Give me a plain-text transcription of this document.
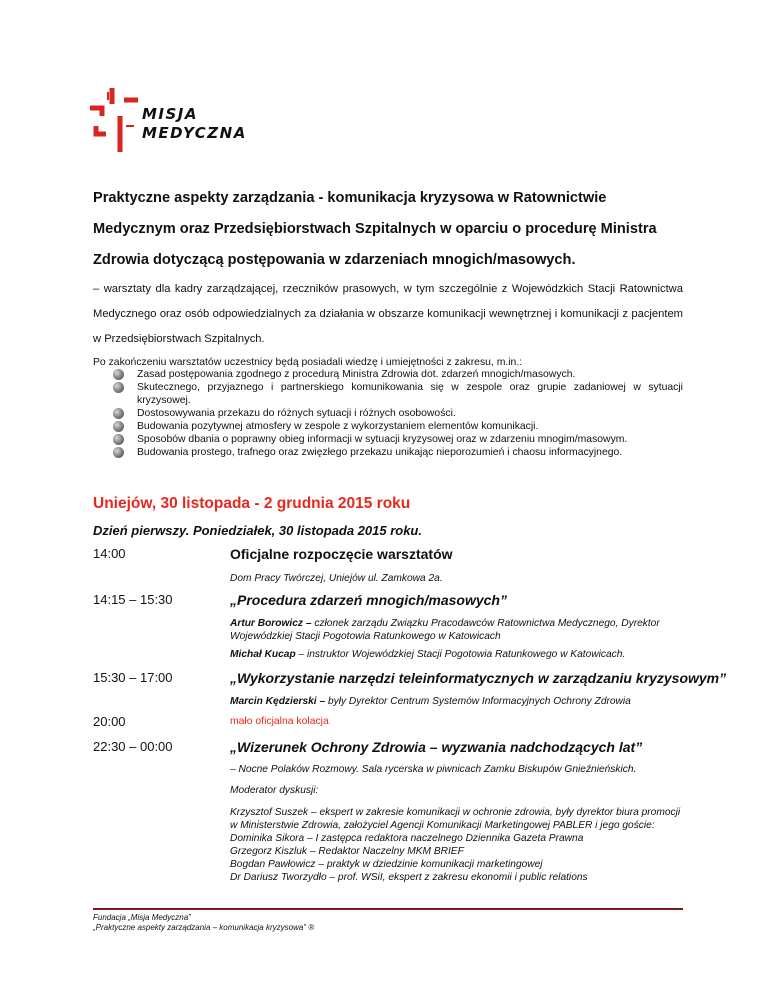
MISJA
MEDYCZNA
Praktyczne aspekty zarządzania - komunikacja kryzysowa w Ratownictwie
Medycznym oraz Przedsiębiorstwach Szpitalnych w oparciu o procedurę Ministra
Zdrowia dotyczącą postępowania w zdarzeniach mnogich/masowych.
– warsztaty dla kadry zarządzającej, rzeczników prasowych, w tym szczególnie z Wojewódzkich Stacji Ratownictwa Medycznego oraz osób odpowiedzialnych za działania w obszarze komunikacji wewnętrznej i komunikacji z pacjentem w Przedsiębiorstwach Szpitalnych.
Po zakończeniu warsztatów uczestnicy będą posiadali wiedzę i umiejętności z zakresu, m.in.:
Zasad postępowania zgodnego z procedurą Ministra Zdrowia dot. zdarzeń mnogich/masowych.
Skutecznego, przyjaznego i partnerskiego komunikowania się w zespole oraz grupie zadaniowej w sytuacji kryzysowej.
Dostosowywania przekazu do różnych sytuacji i różnych osobowości.
Budowania pozytywnej atmosfery w zespole z wykorzystaniem elementów komunikacji.
Sposobów dbania o poprawny obieg informacji w sytuacji kryzysowej oraz w zdarzeniu mnogim/masowym.
Budowania prostego, trafnego oraz zwięzłego przekazu unikając nieporozumień i chaosu informacyjnego.
Uniejów, 30 listopada - 2 grudnia 2015 roku
Dzień pierwszy. Poniedziałek, 30 listopada 2015 roku.
14:00	Oficjalne rozpoczęcie warsztatów
Dom Pracy Twórczej, Uniejów ul. Zamkowa 2a.
14:15 – 15:30	„Procedura zdarzeń mnogich/masowych”
Artur Borowicz – członek zarządu Związku Pracodawców Ratownictwa Medycznego, Dyrektor Wojewódzkiej Stacji Pogotowia Ratunkowego w Katowicach
Michał Kucap – instruktor Wojewódzkiej Stacji Pogotowia Ratunkowego w Katowicach.
15:30 – 17:00	„Wykorzystanie narzędzi teleinformatycznych w zarządzaniu kryzysowym”
Marcin Kędzierski – były Dyrektor Centrum Systemów Informacyjnych Ochrony Zdrowia
20:00	mało oficjalna kolacja
22:30 – 00:00	„Wizerunek Ochrony Zdrowia – wyzwania nadchodzących lat”
– Nocne Polaków Rozmowy. Sala rycerska w piwnicach Zamku Biskupów Gnieźnieńskich.
Moderator dyskusji:
Krzysztof Suszek – ekspert w zakresie komunikacji w ochronie zdrowia, były dyrektor biura promocji w Ministerstwie Zdrowia, założyciel Agencji Komunikacji Marketingowej PABLER i jego goście:
Dominika Sikora – I zastępca redaktora naczelnego Dziennika Gazeta Prawna
Grzegorz Kiszluk – Redaktor Naczelny MKM BRIEF
Bogdan Pawłowicz – praktyk w dziedzinie komunikacji marketingowej
Dr Dariusz Tworzydło – prof. WSiI, ekspert z zakresu ekonomii i public relations
Fundacja „Misja Medyczna”
„Praktyczne aspekty zarządzania – komunikacja kryzysowa” ®
